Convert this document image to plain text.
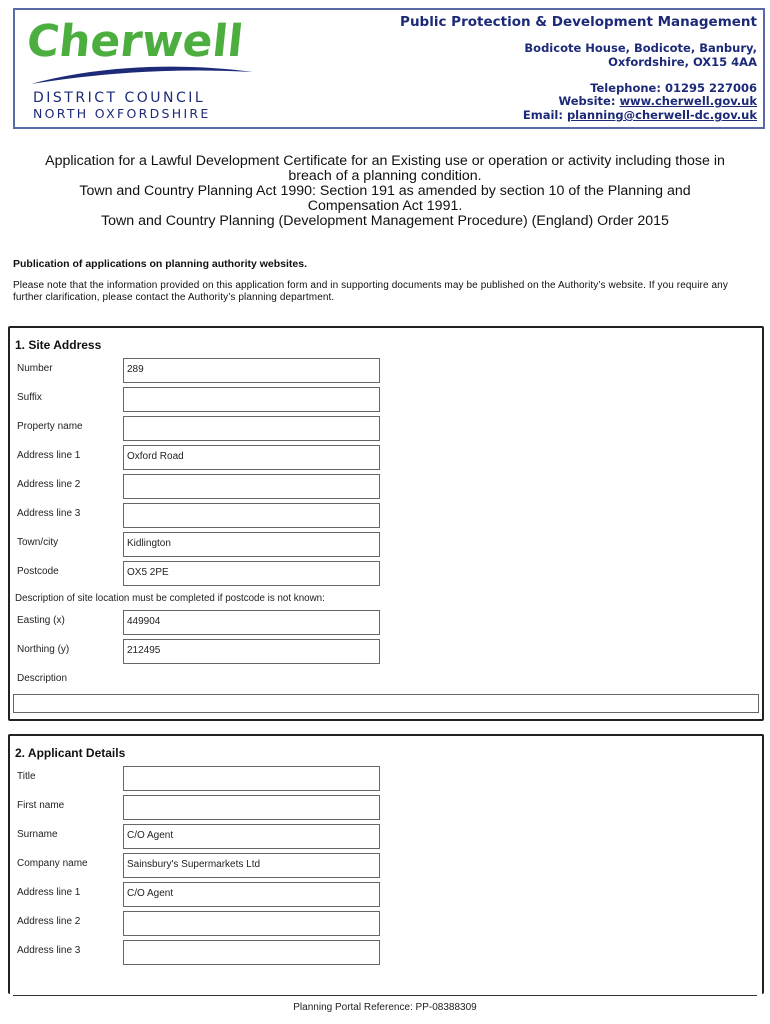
Cherwell
DISTRICT COUNCIL
NORTH OXFORDSHIRE
Public Protection & Development Management
Bodicote House, Bodicote, Banbury,
Oxfordshire, OX15 4AA
Telephone: 01295 227006
Website: www.cherwell.gov.uk
Email: planning@cherwell-dc.gov.uk
Application for a Lawful Development Certificate for an Existing use or operation or activity including those in
breach of a planning condition.
Town and Country Planning Act 1990: Section 191 as amended by section 10 of the Planning and
Compensation Act 1991.
Town and Country Planning (Development Management Procedure) (England) Order 2015
Publication of applications on planning authority websites.
Please note that the information provided on this application form and in supporting documents may be published on the Authority’s website. If you require any further clarification, please contact the Authority’s planning department.
1. Site Address
Number	289
Suffix
Property name
Address line 1	Oxford Road
Address line 2
Address line 3
Town/city	Kidlington
Postcode	OX5 2PE
Description of site location must be completed if postcode is not known:
Easting (x)	449904
Northing (y)	212495
Description
2. Applicant Details
Title
First name
Surname	C/O Agent
Company name	Sainsbury's Supermarkets Ltd
Address line 1	C/O Agent
Address line 2
Address line 3
Planning Portal Reference: PP-08388309
